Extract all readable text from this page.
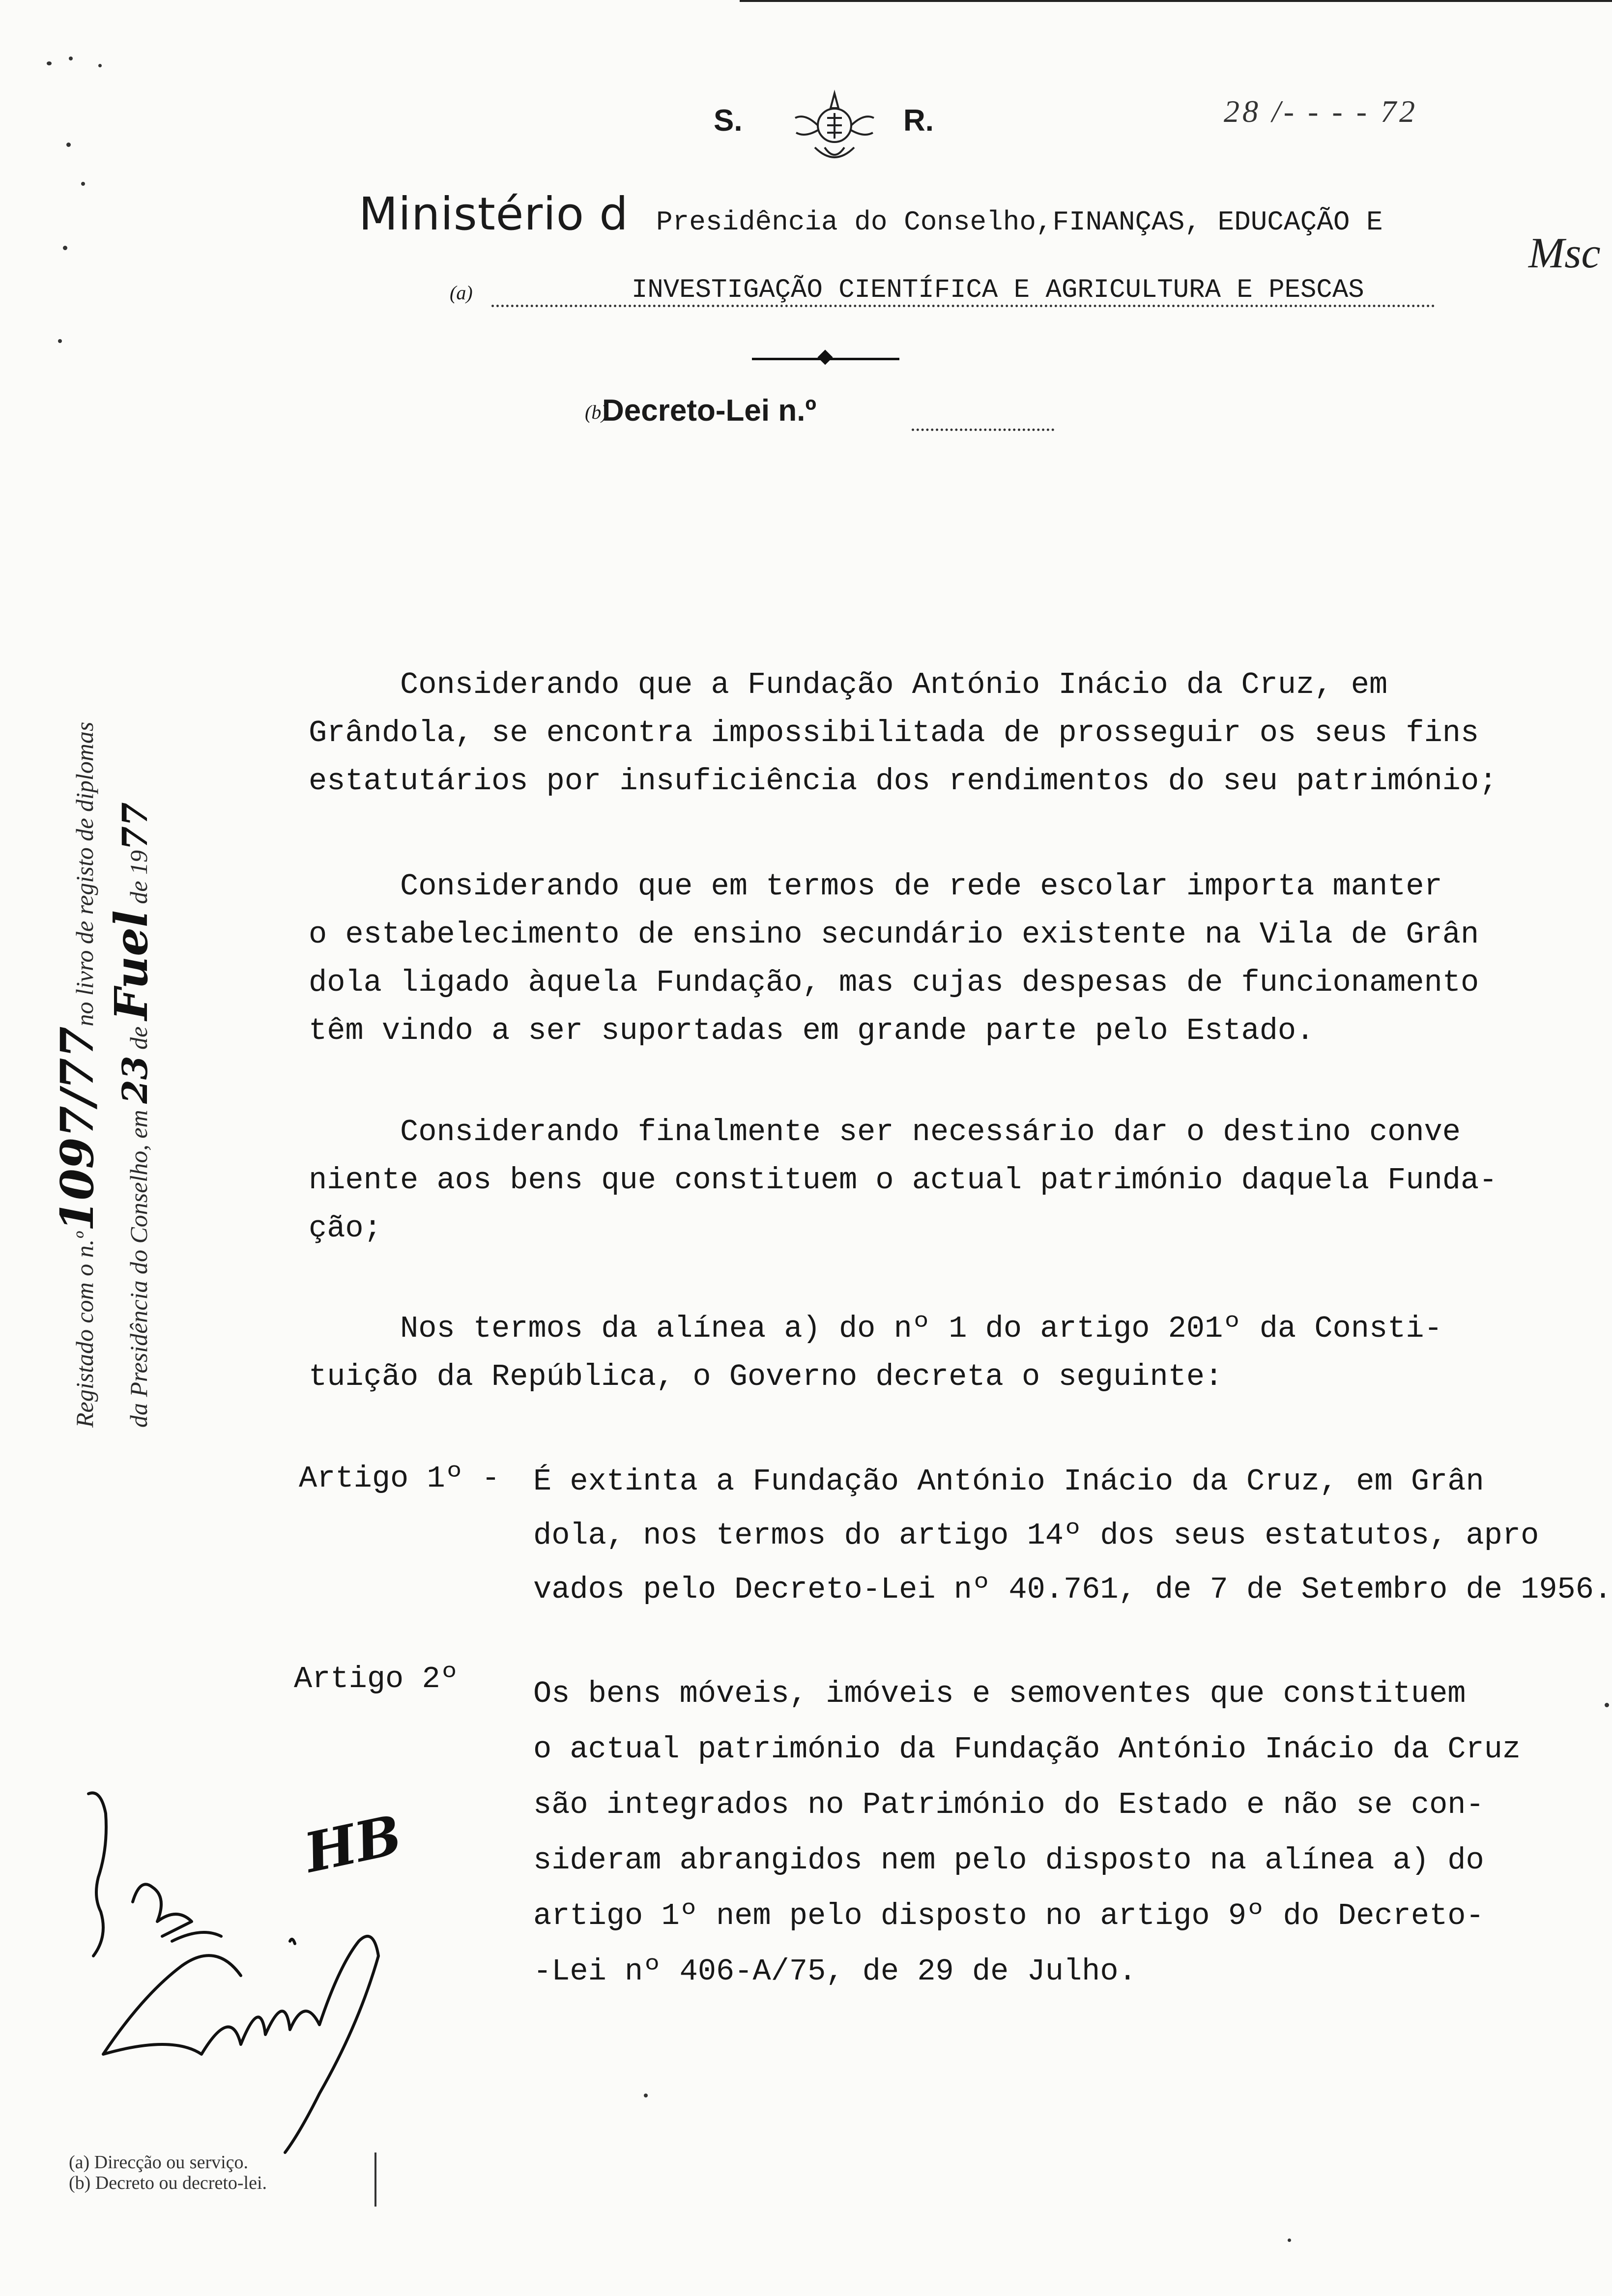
S.	R.	28 /- - - - 72
Ministério d Presidência do Conselho,FINANÇAS, EDUCAÇÃO E
Msc
(a)	INVESTIGAÇÃO CIENTÍFICA E AGRICULTURA E PESCAS
(b)
Decreto-Lei n.º
Registado com o n.º1097/77no livro de registo de diplomas
da Presidência do Conselho, em 23 de Fuel de 1977
Considerando que a Fundação António Inácio da Cruz, em
Grândola, se encontra impossibilitada de prosseguir os seus fins
estatutários por insuficiência dos rendimentos do seu património;
Considerando que em termos de rede escolar importa manter
o estabelecimento de ensino secundário existente na Vila de Grân
dola ligado àquela Fundação, mas cujas despesas de funcionamento
têm vindo a ser suportadas em grande parte pelo Estado.
Considerando finalmente ser necessário dar o destino conve
niente aos bens que constituem o actual património daquela Funda-
ção;
Nos termos da alínea a) do nº 1 do artigo 201º da Consti-
tuição da República, o Governo decreta o seguinte:
Artigo 1º - É extinta a Fundação António Inácio da Cruz, em Grân
dola, nos termos do artigo 14º dos seus estatutos, apro
vados pelo Decreto-Lei nº 40.761, de 7 de Setembro de 1956.
Artigo 2º Os bens móveis, imóveis e semoventes que constituem
o actual património da Fundação António Inácio da Cruz
são integrados no Património do Estado e não se con-
sideram abrangidos nem pelo disposto na alínea a) do
artigo 1º nem pelo disposto no artigo 9º do Decreto-
-Lei nº 406-A/75, de 29 de Julho.
HB
(a) Direcção ou serviço.
(b) Decreto ou decreto-lei.
